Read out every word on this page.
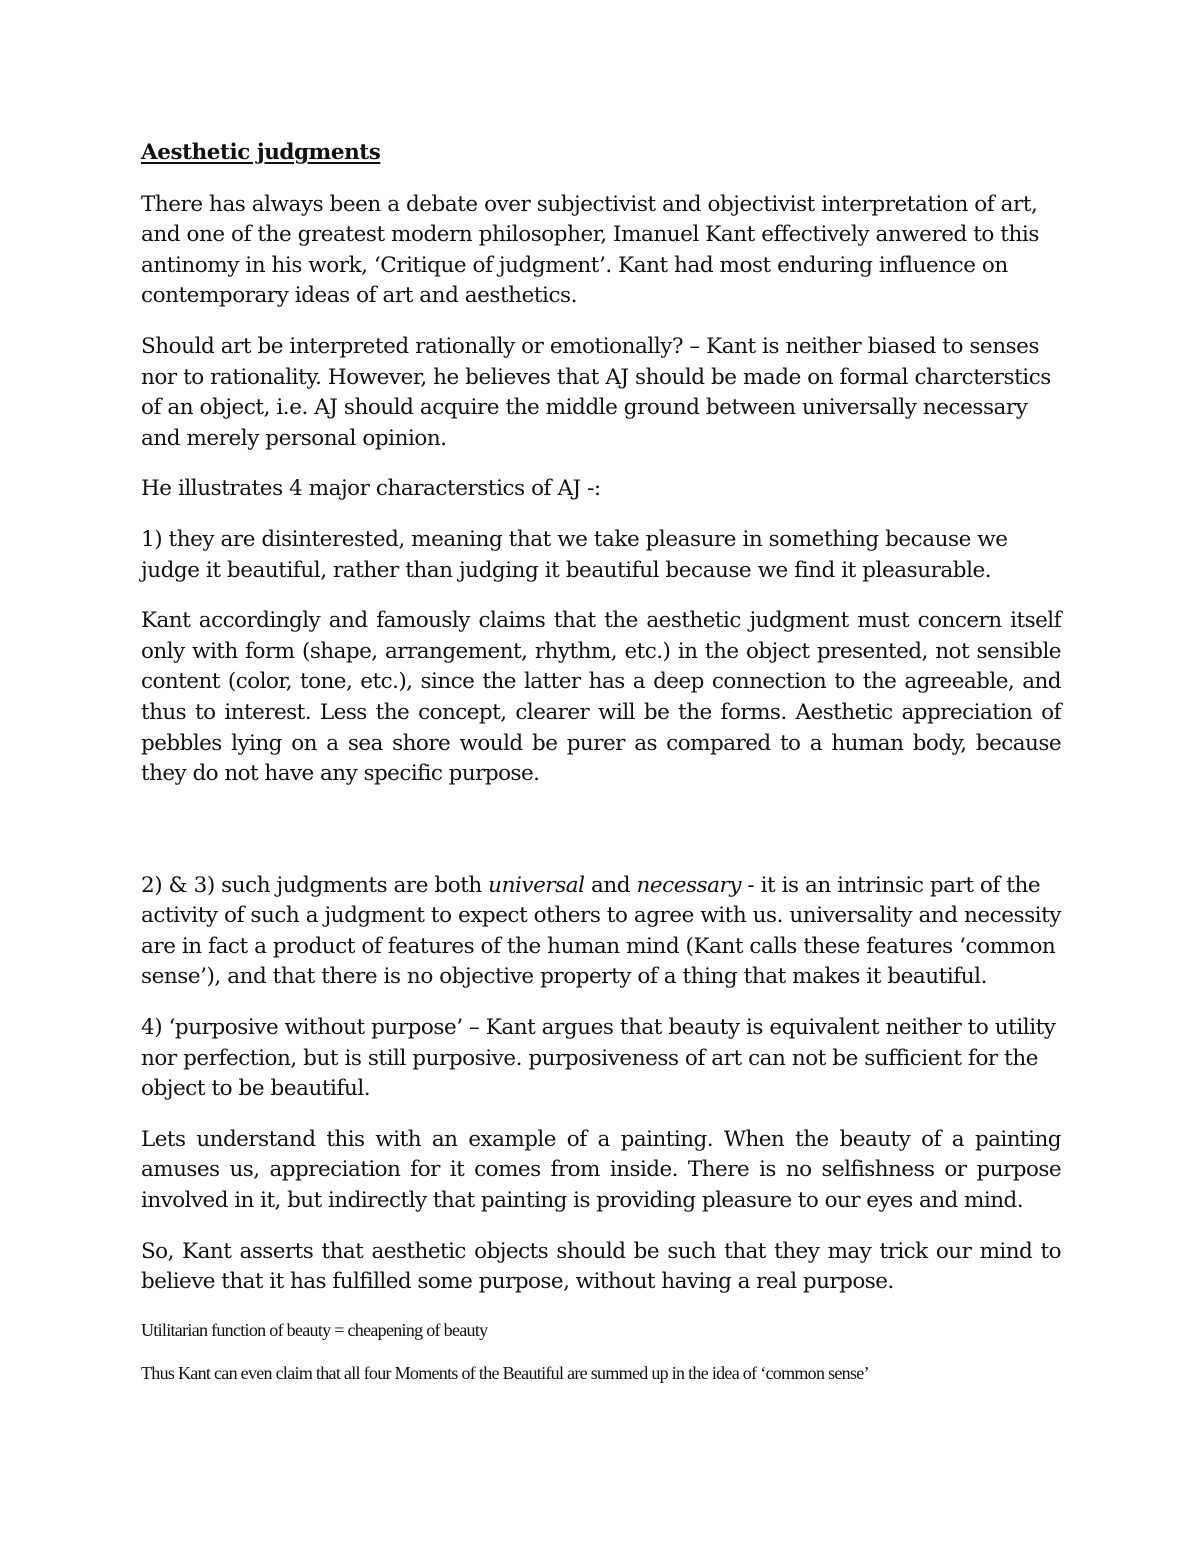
Aesthetic judgments

There has always been a debate over subjectivist and objectivist interpretation of art, and one of the greatest modern philosopher, Imanuel Kant effectively anwered to this antinomy in his work, ‘Critique of judgment’. Kant had most enduring influence on contemporary ideas of art and aesthetics.

Should art be interpreted rationally or emotionally? – Kant is neither biased to senses nor to rationality. However, he believes that AJ should be made on formal charcterstics of an object, i.e. AJ should acquire the middle ground between universally necessary and merely personal opinion.

He illustrates 4 major characterstics of AJ -:

1) they are disinterested, meaning that we take pleasure in something because we judge it beautiful, rather than judging it beautiful because we find it pleasurable.

Kant accordingly and famously claims that the aesthetic judgment must concern itself only with form (shape, arrangement, rhythm, etc.) in the object presented, not sensible content (color, tone, etc.), since the latter has a deep connection to the agreeable, and thus to interest. Less the concept, clearer will be the forms. Aesthetic appreciation of pebbles lying on a sea shore would be purer as compared to a human body, because they do not have any specific purpose.

2) & 3) such judgments are both universal and necessary - it is an intrinsic part of the activity of such a judgment to expect others to agree with us. universality and necessity are in fact a product of features of the human mind (Kant calls these features ‘common sense’), and that there is no objective property of a thing that makes it beautiful.

4) ‘purposive without purpose’ – Kant argues that beauty is equivalent neither to utility nor perfection, but is still purposive. purposiveness of art can not be sufficient for the object to be beautiful.

Lets understand this with an example of a painting. When the beauty of a painting amuses us, appreciation for it comes from inside. There is no selfishness or purpose involved in it, but indirectly that painting is providing pleasure to our eyes and mind.

So, Kant asserts that aesthetic objects should be such that they may trick our mind to believe that it has fulfilled some purpose, without having a real purpose.

Utilitarian function of beauty = cheapening of beauty

Thus Kant can even claim that all four Moments of the Beautiful are summed up in the idea of ‘common sense’
